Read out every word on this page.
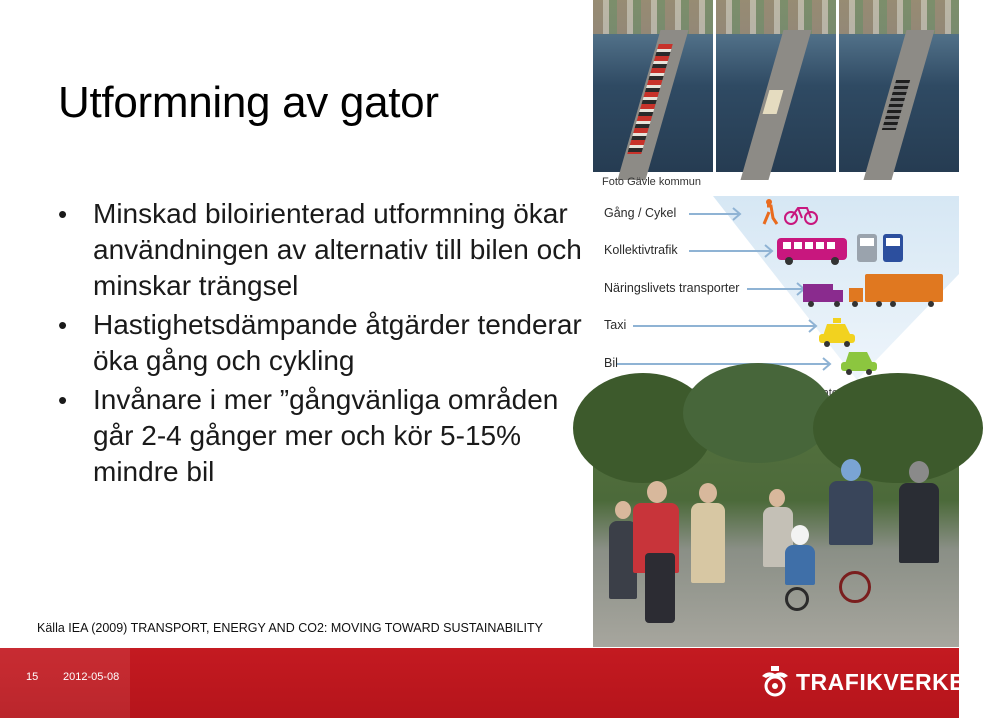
Utformning av gator
• Minskad biloirienterad utformning ökar användningen av alternativ till bilen och minskar trängsel
• Hastighetsdämpande åtgärder tenderar öka gång och cykling
• Invånare i mer ”gångvänliga områden går 2-4 gånger mer och kör 5-15% mindre bil

Foto Gävle kommun

Gång / Cykel
Kollektivtrafik
Näringslivets transporter
Taxi
Bil

Källa IEA (2009) TRANSPORT, ENERGY AND CO2: MOVING TOWARD SUSTAINABILITY

15 2012-05-08	TRAFIKVERKET
